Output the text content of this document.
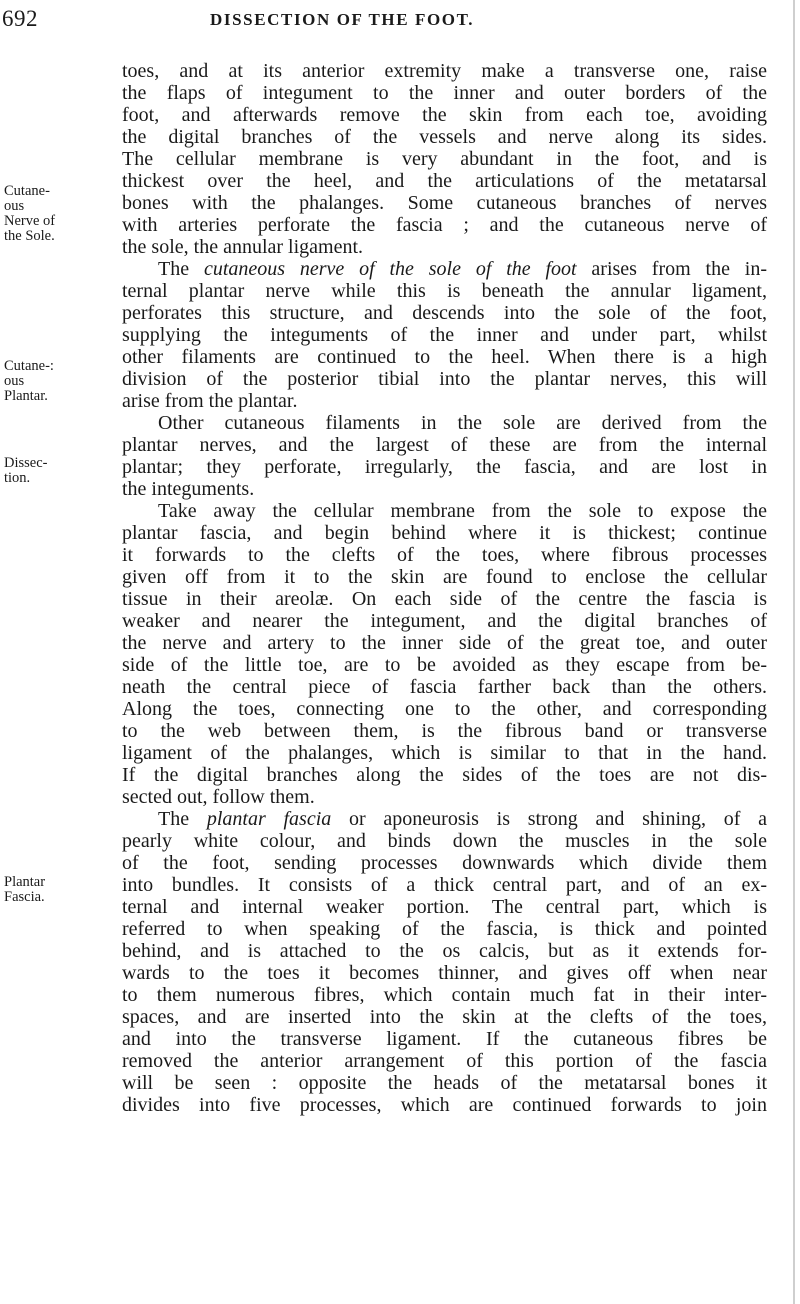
692	DISSECTION OF THE FOOT.
Cutane-
ous
Nerve of
the Sole.
Cutane-:
ous
Plantar.
Dissec-
tion.
Plantar
Fascia.
toes, and at its anterior extremity make a transverse one, raise
the flaps of integument to the inner and outer borders of the
foot, and afterwards remove the skin from each toe, avoiding
the digital branches of the vessels and nerve along its sides.
The cellular membrane is very abundant in the foot, and is
thickest over the heel, and the articulations of the metatarsal
bones with the phalanges. Some cutaneous branches of nerves
with arteries perforate the fascia ; and the cutaneous nerve of
the sole, the annular ligament.
The cutaneous nerve of the sole of the foot arises from the in-
ternal plantar nerve while this is beneath the annular ligament,
perforates this structure, and descends into the sole of the foot,
supplying the integuments of the inner and under part, whilst
other filaments are continued to the heel. When there is a high
division of the posterior tibial into the plantar nerves, this will
arise from the plantar.
Other cutaneous filaments in the sole are derived from the
plantar nerves, and the largest of these are from the internal
plantar; they perforate, irregularly, the fascia, and are lost in
the integuments.
Take away the cellular membrane from the sole to expose the
plantar fascia, and begin behind where it is thickest; continue
it forwards to the clefts of the toes, where fibrous processes
given off from it to the skin are found to enclose the cellular
tissue in their areolæ. On each side of the centre the fascia is
weaker and nearer the integument, and the digital branches of
the nerve and artery to the inner side of the great toe, and outer
side of the little toe, are to be avoided as they escape from be-
neath the central piece of fascia farther back than the others.
Along the toes, connecting one to the other, and corresponding
to the web between them, is the fibrous band or transverse
ligament of the phalanges, which is similar to that in the hand.
If the digital branches along the sides of the toes are not dis-
sected out, follow them.
The plantar fascia or aponeurosis is strong and shining, of a
pearly white colour, and binds down the muscles in the sole
of the foot, sending processes downwards which divide them
into bundles. It consists of a thick central part, and of an ex-
ternal and internal weaker portion. The central part, which is
referred to when speaking of the fascia, is thick and pointed
behind, and is attached to the os calcis, but as it extends for-
wards to the toes it becomes thinner, and gives off when near
to them numerous fibres, which contain much fat in their inter-
spaces, and are inserted into the skin at the clefts of the toes,
and into the transverse ligament. If the cutaneous fibres be
removed the anterior arrangement of this portion of the fascia
will be seen : opposite the heads of the metatarsal bones it
divides into five processes, which are continued forwards to join
